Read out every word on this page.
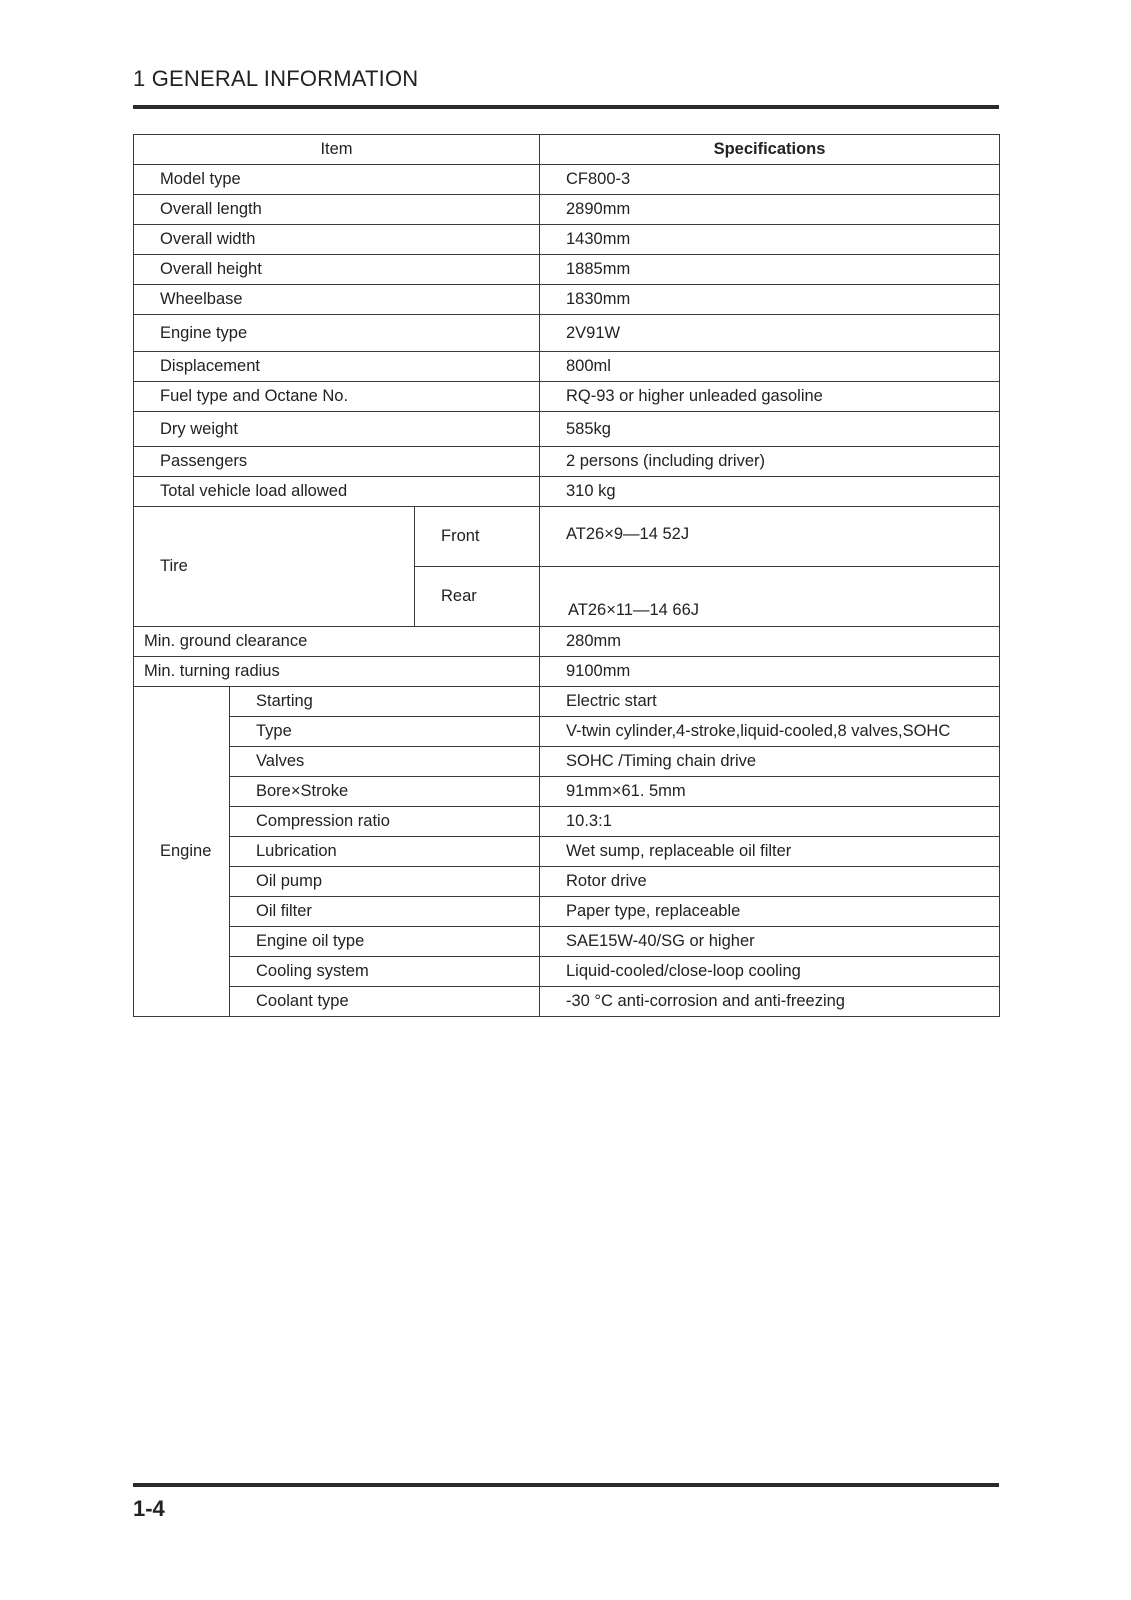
1 GENERAL INFORMATION
Item			Specifications
Model type			CF800-3
Overall length			2890mm
Overall width			1430mm
Overall height			1885mm
Wheelbase			1830mm
Engine type			2V91W
Displacement			800ml
Fuel type and Octane No.			RQ-93 or higher unleaded gasoline
Dry weight			585kg
Passengers			2 persons (including driver)
Total vehicle load allowed			310 kg
Tire		Front	AT26×9—14 52J
		Rear	AT26×11—14 66J
Min. ground clearance			280mm
Min. turning radius			9100mm
Engine	Starting		Electric start
	Type		V-twin cylinder,4-stroke,liquid-cooled,8 valves,SOHC
	Valves		SOHC /Timing chain drive
	Bore×Stroke		91mm×61. 5mm
	Compression ratio		10.3:1
	Lubrication		Wet sump, replaceable oil filter
	Oil pump		Rotor drive
	Oil filter		Paper type, replaceable
	Engine oil type		SAE15W-40/SG or higher
	Cooling system		Liquid-cooled/close-loop cooling
	Coolant type		-30 °C anti-corrosion and anti-freezing
1-4
